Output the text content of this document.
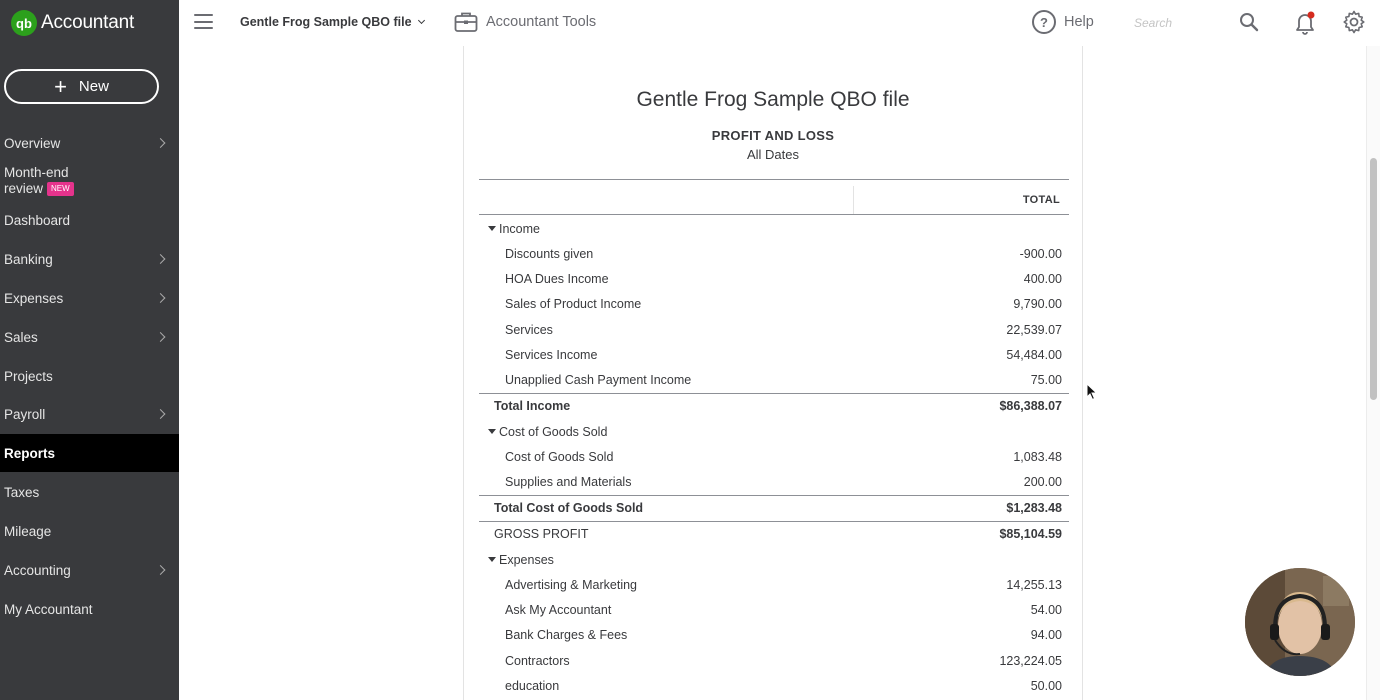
qb Accountant
+ New
Overview
Month-end
review NEW
Dashboard
Banking
Expenses
Sales
Projects
Payroll
Reports
Taxes
Mileage
Accounting
My Accountant
Gentle Frog Sample QBO file	Accountant Tools	?	Help
Search
Gentle Frog Sample QBO file
PROFIT AND LOSS
All Dates
TOTAL
Income
Discounts given	-900.00
HOA Dues Income	400.00
Sales of Product Income	9,790.00
Services	22,539.07
Services Income	54,484.00
Unapplied Cash Payment Income	75.00
Total Income	$86,388.07
Cost of Goods Sold
Cost of Goods Sold	1,083.48
Supplies and Materials	200.00
Total Cost of Goods Sold	$1,283.48
GROSS PROFIT	$85,104.59
Expenses
Advertising & Marketing	14,255.13
Ask My Accountant	54.00
Bank Charges & Fees	94.00
Contractors	123,224.05
education	50.00
